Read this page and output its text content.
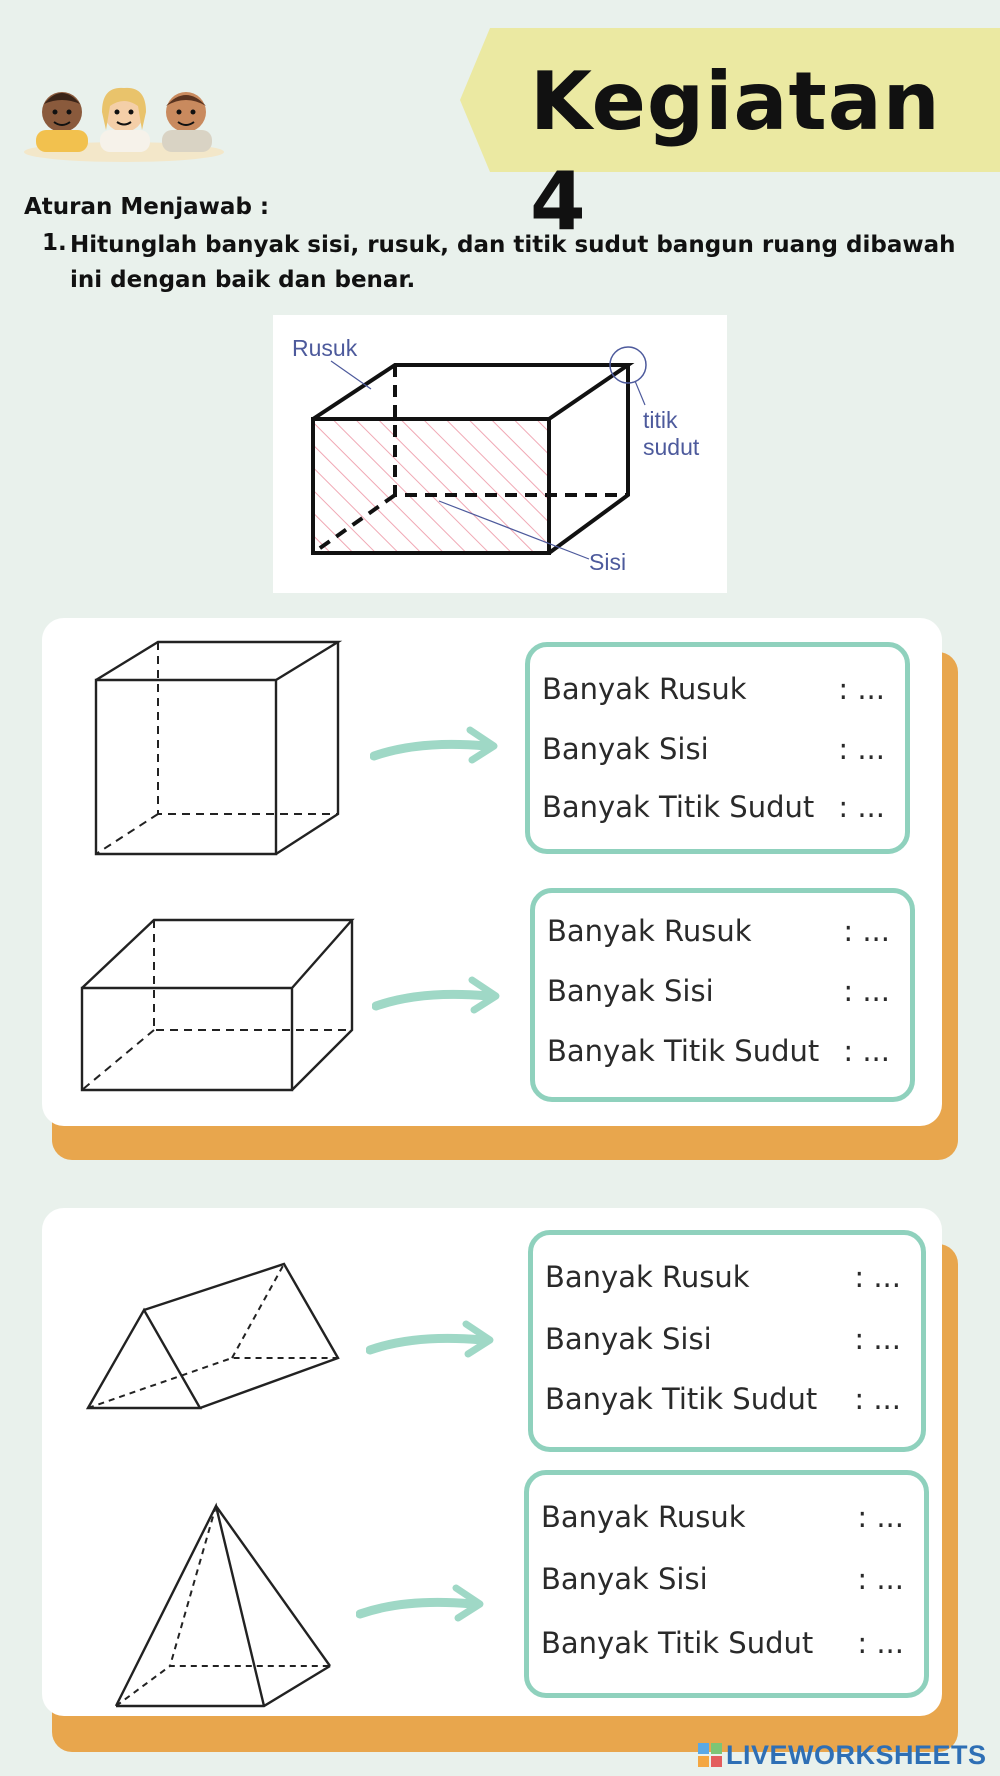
Kegiatan 4
Aturan Menjawab :
1. Hitunglah banyak sisi, rusuk, dan titik sudut bangun ruang dibawah ini dengan baik dan benar.
Rusuk
titik sudut
Sisi
Banyak Rusuk	: ...
Banyak Sisi	: ...
Banyak Titik Sudut : ...
Banyak Rusuk	: ...
Banyak Sisi	: ...
Banyak Titik Sudut : ...
Banyak Rusuk	: ...
Banyak Sisi	: ...
Banyak Titik Sudut : ...
Banyak Rusuk	: ...
Banyak Sisi	: ...
Banyak Titik Sudut : ...
LIVEWORKSHEETS
